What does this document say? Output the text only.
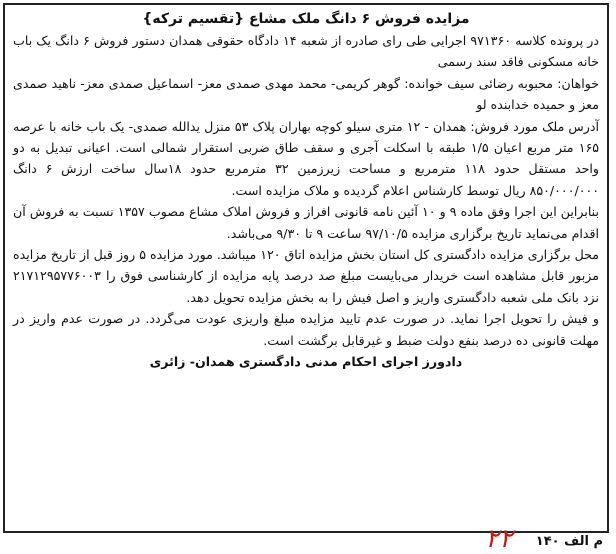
مزایده فروش ۶ دانگ ملک مشاع {تقسیم ترکه}

در پرونده کلاسه ۹۷۱۳۶۰ اجرایی طی رای صادره از شعبه ۱۴ دادگاه حقوقی همدان دستور فروش ۶ دانگ یک باب خانه مسکونی فاقد سند رسمی

خواهان: محبوبه رضائی سیف خوانده: گوهر کریمی- محمد مهدی صمدی معز- اسماعیل صمدی معز- ناهید صمدی معز و حمیده خدابنده لو

آدرس ملک مورد فروش: همدان - ۱۲ متری سیلو کوچه بهاران پلاک ۵۳ منزل یدالله صمدی- یک باب خانه با عرصه ۱۶۵ متر مربع اعیان ۱/۵ طبقه با اسکلت آجری و سقف طاق ضربی استقرار شمالی است. اعیانی تبدیل به دو واحد مستقل حدود ۱۱۸ مترمربع و مساحت زیرزمین ۳۲ مترمربع حدود ۱۸سال ساخت ارزش ۶ دانگ ۸۵۰/۰۰۰/۰۰۰ ریال توسط کارشناس اعلام گردیده و ملاک مزایده است.

بنابراین این اجرا وفق ماده ۹ و ۱۰ آئین نامه قانونی افراز و فروش املاک مشاع مصوب ۱۳۵۷ نسبت به فروش آن اقدام می‌نماید تاریخ برگزاری مزایده ۹۷/۱۰/۵ ساعت ۹ تا ۹/۳۰ می‌باشد.

محل برگزاری مزایده دادگستری کل استان بخش مزایده اتاق ۱۲۰ میباشد. مورد مزایده ۵ روز قبل از تاریخ مزایده مزبور قابل مشاهده است خریدار می‌بایست مبلغ صد درصد پایه مزایده از کارشناسی فوق را ۲۱۷۱۲۹۵۷۷۶۰۰۳ نزد بانک ملی شعبه دادگستری واریز و اصل فیش را به بخش مزایده تحویل دهد.

و فیش را تحویل اجرا نماید. در صورت عدم تایید مزایده مبلغ واریزی عودت می‌گردد. در صورت عدم واریز در مهلت قانونی ده درصد بنفع دولت ضبط و غیرقابل برگشت است.

دادورز اجرای احکام مدنی دادگستری همدان- زائری

م الف ۱۴۰
۲۲
